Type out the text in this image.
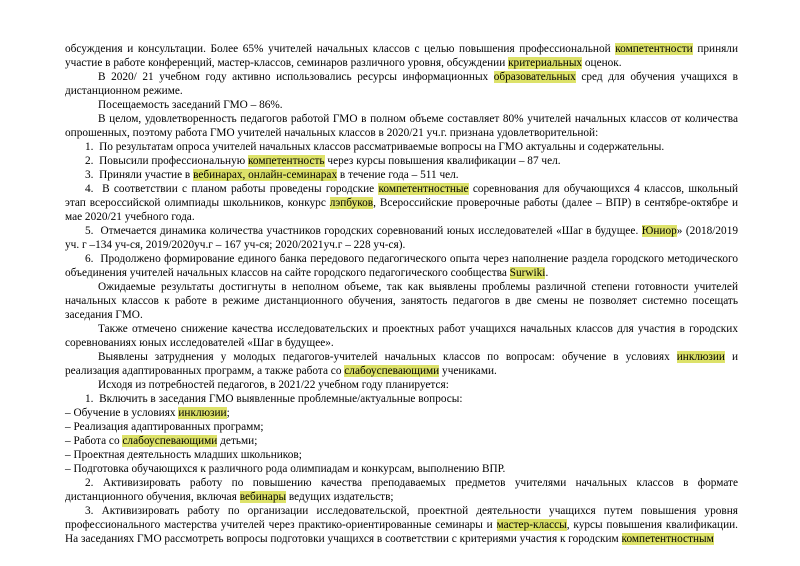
обсуждения и консультации. Более 65% учителей начальных классов с целью повышения профессиональной компетентности приняли участие в работе конференций, мастер-классов, семинаров различного уровня, обсуждении критериальных оценок.

В 2020/ 21 учебном году активно использовались ресурсы информационных образовательных сред для обучения учащихся в дистанционном режиме.

Посещаемость заседаний ГМО – 86%.

В целом, удовлетворенность педагогов работой ГМО в полном объеме составляет 80% учителей начальных классов от количества опрошенных, поэтому работа ГМО учителей начальных классов в 2020/21 уч.г. признана удовлетворительной:

1.  По результатам опроса учителей начальных классов рассматриваемые вопросы на ГМО актуальны и содержательны.

2.  Повысили профессиональную компетентность через курсы повышения квалификации – 87 чел.

3.  Приняли участие в вебинарах, онлайн-семинарах в течение года – 511 чел.

4.  В соответствии с планом работы проведены городские компетентностные соревнования для обучающихся 4 классов, школьный этап всероссийской олимпиады школьников, конкурс лэпбуков, Всероссийские проверочные работы (далее – ВПР) в сентябре-октябре и мае 2020/21 учебного года.

5.  Отмечается динамика количества участников городских соревнований юных исследователей «Шаг в будущее. Юниор» (2018/2019 уч. г –134 уч-ся, 2019/2020уч.г – 167 уч-ся; 2020/2021уч.г – 228 уч-ся).

6.  Продолжено формирование единого банка передового педагогического опыта через наполнение раздела городского методического объединения учителей начальных классов на сайте городского педагогического сообщества Surwiki.

Ожидаемые результаты достигнуты в неполном объеме, так как выявлены проблемы различной степени готовности учителей начальных классов к работе в режиме дистанционного обучения, занятость педагогов в две смены не позволяет системно посещать заседания ГМО.

Также отмечено снижение качества исследовательских и проектных работ учащихся начальных классов для участия в городских соревнованиях юных исследователей «Шаг в будущее».

Выявлены затруднения у молодых педагогов-учителей начальных классов по вопросам: обучение в условиях инклюзии и реализация адаптированных программ, а также работа со слабоуспевающими учениками.

Исходя из потребностей педагогов, в 2021/22 учебном году планируется:

1.  Включить в заседания ГМО выявленные проблемные/актуальные вопросы:

– Обучение в условиях инклюзии;

– Реализация адаптированных программ;

– Работа со слабоуспевающими детьми;

– Проектная деятельность младших школьников;

– Подготовка обучающихся к различного рода олимпиадам и конкурсам, выполнению ВПР.

2. Активизировать работу по повышению качества преподаваемых предметов учителями начальных классов в формате дистанционного обучения, включая вебинары ведущих издательств;

3. Активизировать работу по организации исследовательской, проектной деятельности учащихся путем повышения уровня профессионального мастерства учителей через практико-ориентированные семинары и мастер-классы, курсы повышения квалификации. На заседаниях ГМО рассмотреть вопросы подготовки учащихся в соответствии с критериями участия к городским компетентностным
